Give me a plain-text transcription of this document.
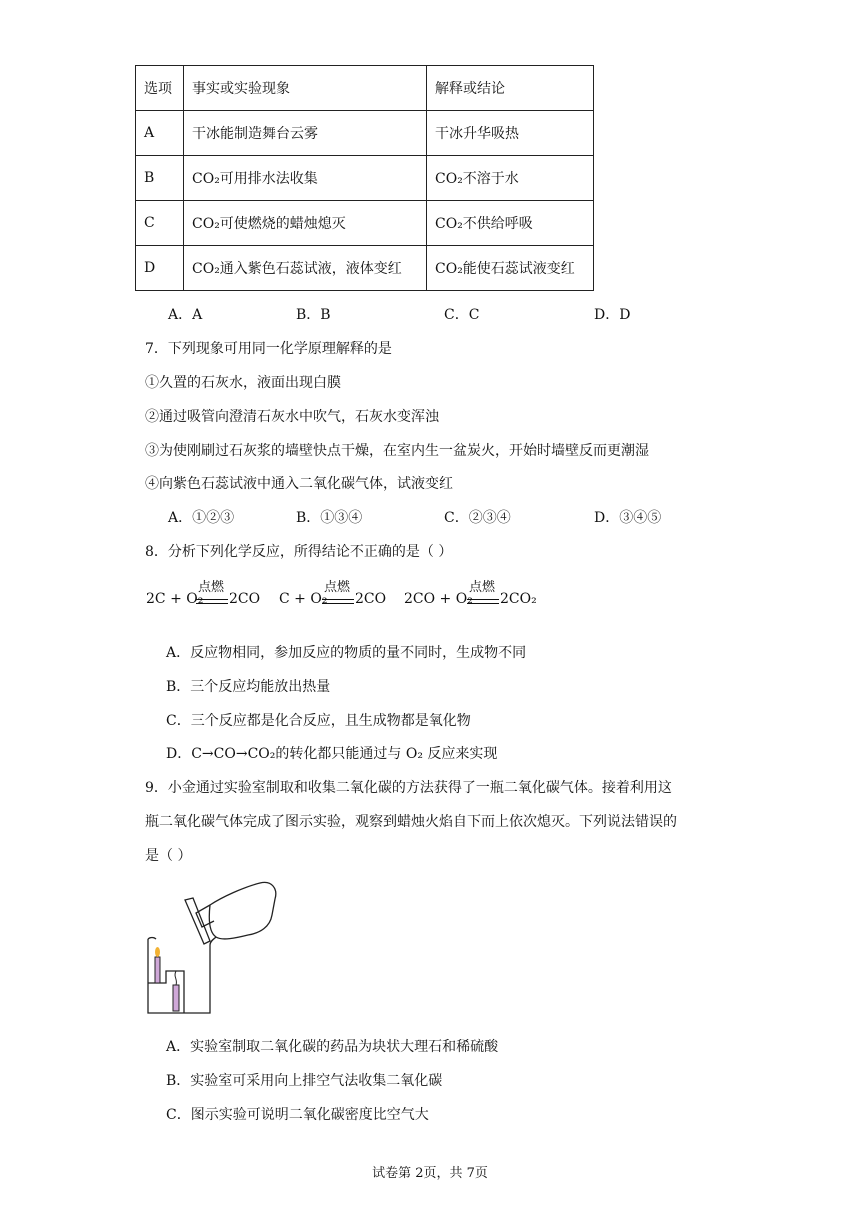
选项	事实或实验现象	解释或结论
A	干冰能制造舞台云雾	干冰升华吸热
B	CO₂可用排水法收集	CO₂不溶于水
C	CO₂可使燃烧的蜡烛熄灭	CO₂不供给呼吸
D	CO₂通入紫色石蕊试液，液体变红	CO₂能使石蕊试液变红
A．A	B．B	C．C	D．D
7．下列现象可用同一化学原理解释的是
①久置的石灰水，液面出现白膜
②通过吸管向澄清石灰水中吹气，石灰水变浑浊
③为使刚刷过石灰浆的墙壁快点干燥，在室内生一盆炭火，开始时墙壁反而更潮湿
④向紫色石蕊试液中通入二氧化碳气体，试液变红
A．①②③	B．①③④	C．②③④	D．③④⑤
8．分析下列化学反应，所得结论不正确的是（ ）
2C + O₂
点燃
2CO C + O₂
点燃
2CO 2CO + O₂
点燃
2CO₂
A．反应物相同，参加反应的物质的量不同时，生成物不同
B．三个反应均能放出热量
C．三个反应都是化合反应，且生成物都是氧化物
D．C→CO→CO₂的转化都只能通过与 O₂ 反应来实现
9．小金通过实验室制取和收集二氧化碳的方法获得了一瓶二氧化碳气体。接着利用这
瓶二氧化碳气体完成了图示实验，观察到蜡烛火焰自下而上依次熄灭。下列说法错误的
是（ ）
A．实验室制取二氧化碳的药品为块状大理石和稀硫酸
B．实验室可采用向上排空气法收集二氧化碳
C．图示实验可说明二氧化碳密度比空气大
试卷第 2页，共 7页
